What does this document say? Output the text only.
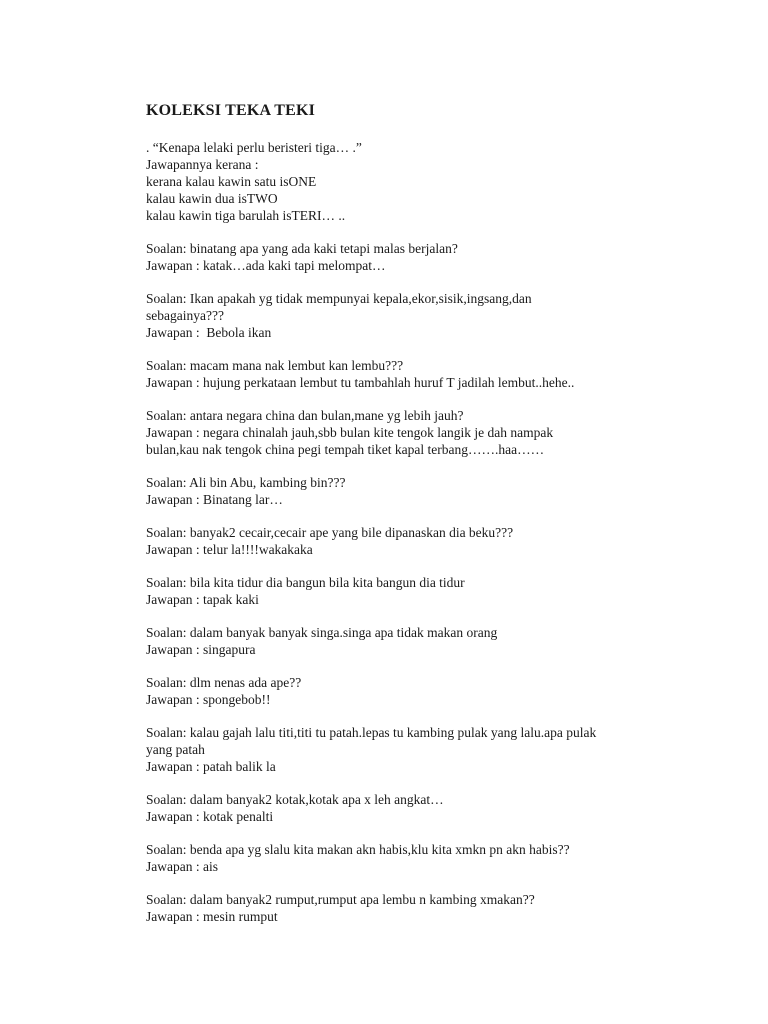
KOLEKSI TEKA TEKI
. “Kenapa lelaki perlu beristeri tiga… .”
Jawapannya kerana :
kerana kalau kawin satu isONE
kalau kawin dua isTWO
kalau kawin tiga barulah isTERI… ..
Soalan: binatang apa yang ada kaki tetapi malas berjalan?
Jawapan : katak…ada kaki tapi melompat…
Soalan: Ikan apakah yg tidak mempunyai kepala,ekor,sisik,ingsang,dan
sebagainya???
Jawapan :  Bebola ikan
Soalan: macam mana nak lembut kan lembu???
Jawapan : hujung perkataan lembut tu tambahlah huruf T jadilah lembut..hehe..
Soalan: antara negara china dan bulan,mane yg lebih jauh?
Jawapan : negara chinalah jauh,sbb bulan kite tengok langik je dah nampak
bulan,kau nak tengok china pegi tempah tiket kapal terbang…….haa……
Soalan: Ali bin Abu, kambing bin???
Jawapan : Binatang lar…
Soalan: banyak2 cecair,cecair ape yang bile dipanaskan dia beku???
Jawapan : telur la!!!!wakakaka
Soalan: bila kita tidur dia bangun bila kita bangun dia tidur
Jawapan : tapak kaki
Soalan: dalam banyak banyak singa.singa apa tidak makan orang
Jawapan : singapura
Soalan: dlm nenas ada ape??
Jawapan : spongebob!!
Soalan: kalau gajah lalu titi,titi tu patah.lepas tu kambing pulak yang lalu.apa pulak
yang patah
Jawapan : patah balik la
Soalan: dalam banyak2 kotak,kotak apa x leh angkat…
Jawapan : kotak penalti
Soalan: benda apa yg slalu kita makan akn habis,klu kita xmkn pn akn habis??
Jawapan : ais
Soalan: dalam banyak2 rumput,rumput apa lembu n kambing xmakan??
Jawapan : mesin rumput
